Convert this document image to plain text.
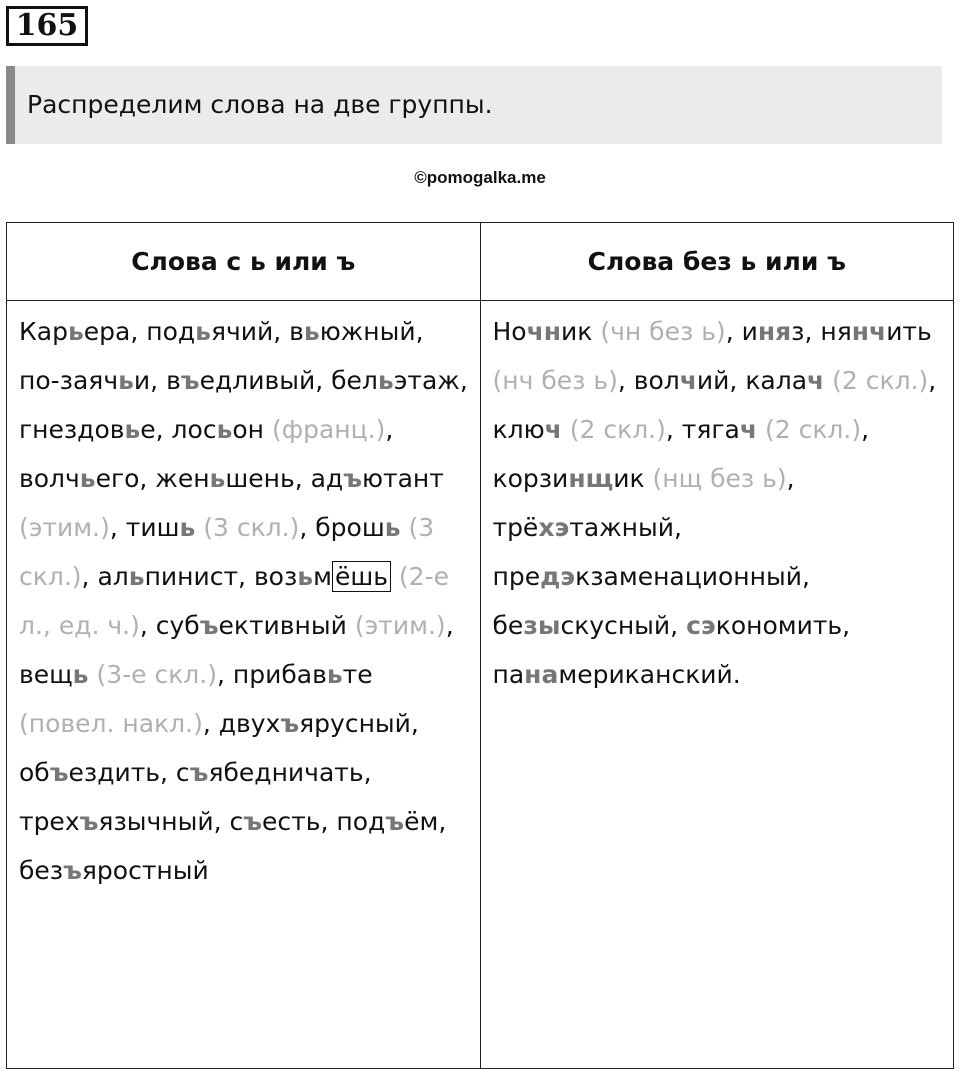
165
Распределим слова на две группы.
©pomogalka.me
Слова с ь или ъ	Слова без ь или ъ

Карьера, подьячий, вьюжный, по-заячьи, въедливый, бельэтаж, гнездовье, лосьон (франц.), волчьего, женьшень, адъютант (этим.), тишь (3 скл.), брошь (3 скл.), альпинист, возьм ёшь (2-е л., ед. ч.), субъективный (этим.), вещь (3-е скл.), прибавьте (повел. накл.), двухъярусный, объездить, съябедничать, трехъязычный, съесть, подъём, безъяростный	Ночник (чн без ь), иняз, нянчить (нч без ь), волчий, калач (2 скл.), ключ (2 скл.), тягач (2 скл.), корзинщик (нщ без ь), трёхэтажный, предэкзаменационный, безыскусный, сэкономить, панамериканский.
